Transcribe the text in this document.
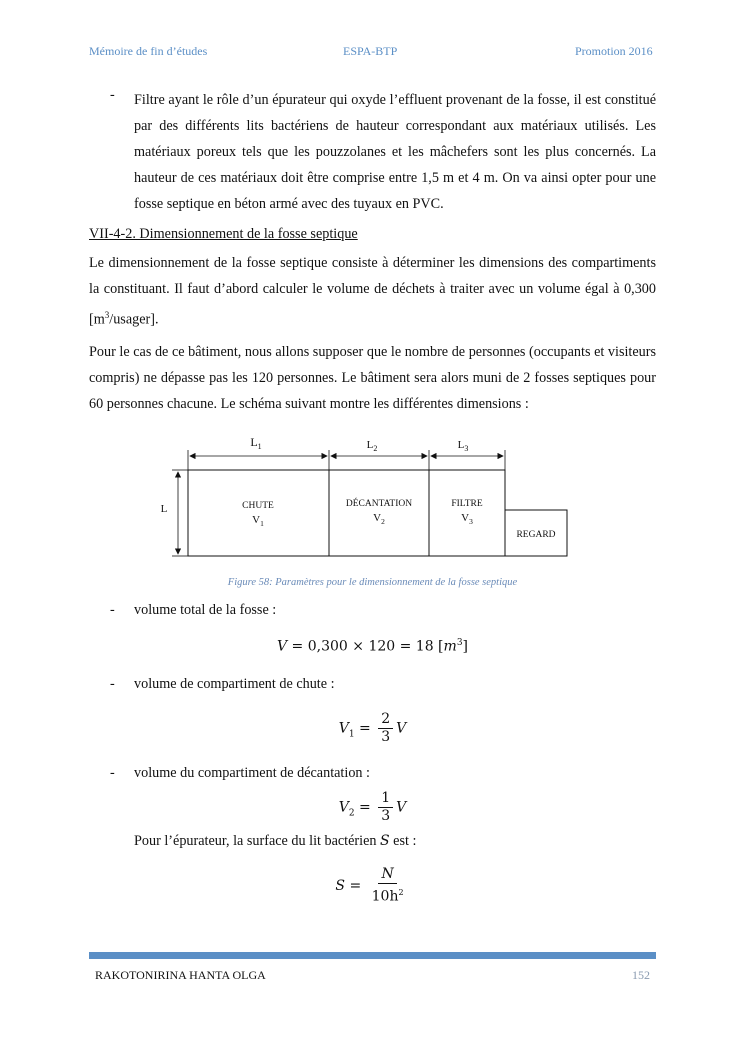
Mémoire de fin d’études	ESPA-BTP	Promotion 2016
- Filtre ayant le rôle d’un épurateur qui oxyde l’effluent provenant de la fosse, il est constitué par des différents lits bactériens de hauteur correspondant aux matériaux utilisés. Les matériaux poreux tels que les pouzzolanes et les mâchefers sont les plus concernés. La hauteur de ces matériaux doit être comprise entre 1,5 m et 4 m. On va ainsi opter pour une fosse septique en béton armé avec des tuyaux en PVC.

VII-4-2. Dimensionnement de la fosse septique

Le dimensionnement de la fosse septique consiste à déterminer les dimensions des compartiments la constituant. Il faut d’abord calculer le volume de déchets à traiter avec un volume égal à 0,300 $[m^3/usager]$.

Pour le cas de ce bâtiment, nous allons supposer que le nombre de personnes (occupants et visiteurs compris) ne dépasse pas les 120 personnes. Le bâtiment sera alors muni de 2 fosses septiques pour 60 personnes chacune. Le schéma suivant montre les différentes dimensions :

$L_1$	$L_2$	$L_3$
L	CHUTE
$V_1$
DÉCANTATION
$V_2$
FILTRE
$V_3$
REGARD
Figure 58: Paramètres pour le dimensionnement de la fosse septique
- volume total de la fosse :
V = 0,300 × 120 = 18 $[m^3]$
- volume de compartiment de chute :
$V_1 = \frac{2}{3}$ V
- volume du compartiment de décantation :
$V_2 = \frac{1}{3}$ V
Pour l’épurateur, la surface du lit bactérien S est :
$S = \frac{N}{10h^2}$
RAKOTONIRINA HANTA OLGA	152
